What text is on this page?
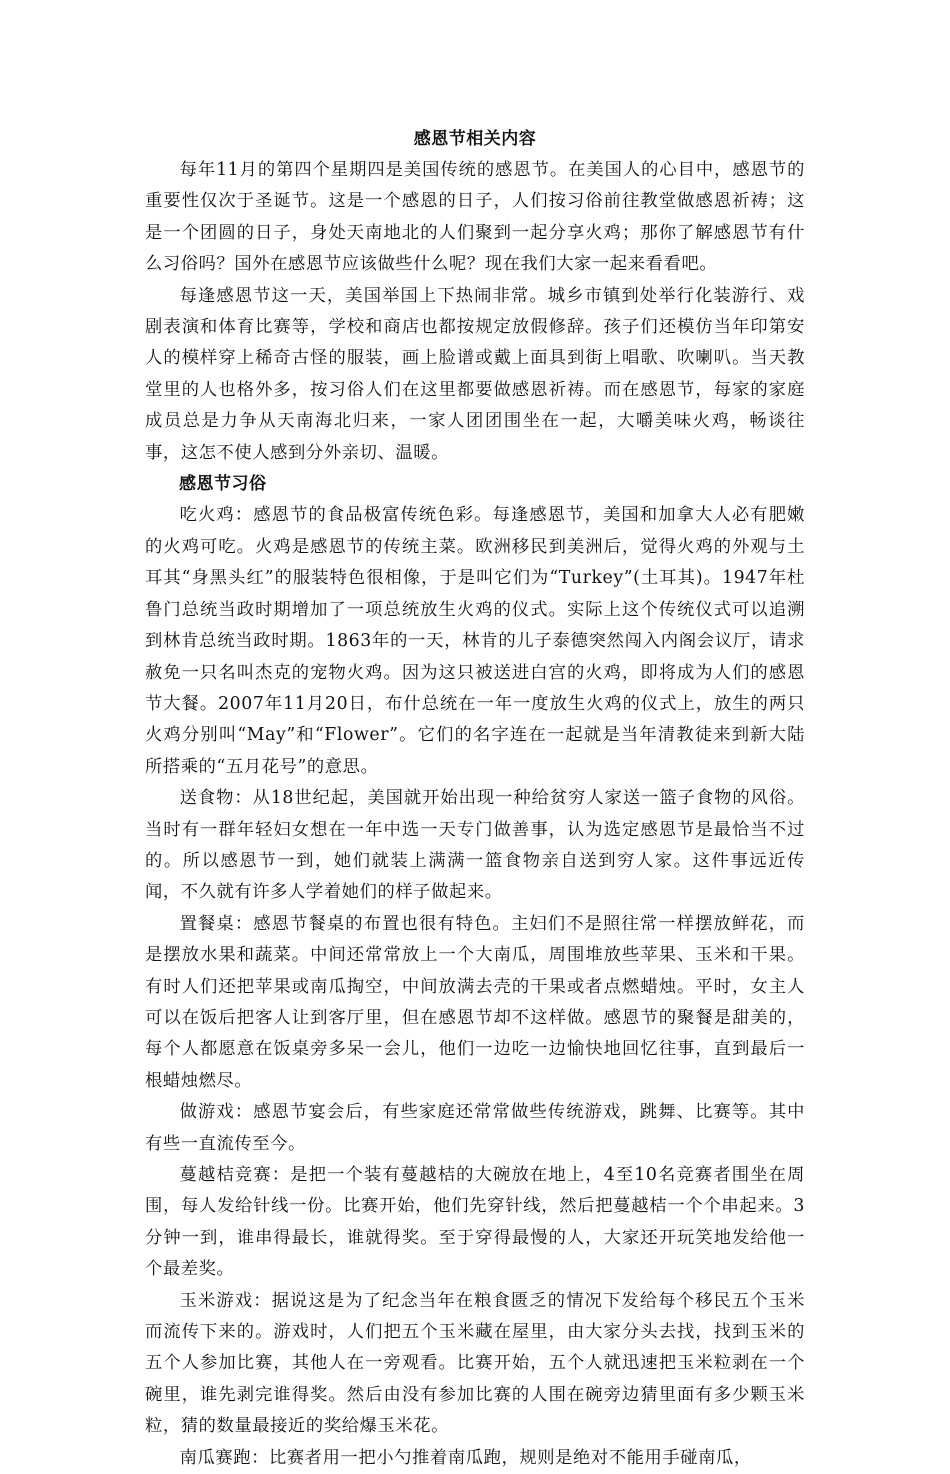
感恩节相关内容

每年11月的第四个星期四是美国传统的感恩节。在美国人的心目中，感恩节的重要性仅次于圣诞节。这是一个感恩的日子，人们按习俗前往教堂做感恩祈祷；这是一个团圆的日子，身处天南地北的人们聚到一起分享火鸡；那你了解感恩节有什么习俗吗？国外在感恩节应该做些什么呢？现在我们大家一起来看看吧。

每逢感恩节这一天，美国举国上下热闹非常。城乡市镇到处举行化装游行、戏剧表演和体育比赛等，学校和商店也都按规定放假修辞。孩子们还模仿当年印第安人的模样穿上稀奇古怪的服装，画上脸谱或戴上面具到街上唱歌、吹喇叭。当天教堂里的人也格外多，按习俗人们在这里都要做感恩祈祷。而在感恩节，每家的家庭成员总是力争从天南海北归来，一家人团团围坐在一起，大嚼美味火鸡，畅谈往事，这怎不使人感到分外亲切、温暖。

感恩节习俗

吃火鸡：感恩节的食品极富传统色彩。每逢感恩节，美国和加拿大人必有肥嫩的火鸡可吃。火鸡是感恩节的传统主菜。欧洲移民到美洲后，觉得火鸡的外观与土耳其“身黑头红”的服装特色很相像，于是叫它们为“Turkey”(土耳其)。1947年杜鲁门总统当政时期增加了一项总统放生火鸡的仪式。实际上这个传统仪式可以追溯到林肯总统当政时期。1863年的一天，林肯的儿子泰德突然闯入内阁会议厅，请求赦免一只名叫杰克的宠物火鸡。因为这只被送进白宫的火鸡，即将成为人们的感恩节大餐。2007年11月20日，布什总统在一年一度放生火鸡的仪式上，放生的两只火鸡分别叫“May”和“Flower”。它们的名字连在一起就是当年清教徒来到新大陆所搭乘的“五月花号”的意思。

送食物：从18世纪起，美国就开始出现一种给贫穷人家送一篮子食物的风俗。当时有一群年轻妇女想在一年中选一天专门做善事，认为选定感恩节是最恰当不过的。所以感恩节一到，她们就装上满满一篮食物亲自送到穷人家。这件事远近传闻，不久就有许多人学着她们的样子做起来。

置餐桌：感恩节餐桌的布置也很有特色。主妇们不是照往常一样摆放鲜花，而是摆放水果和蔬菜。中间还常常放上一个大南瓜，周围堆放些苹果、玉米和干果。有时人们还把苹果或南瓜掏空，中间放满去壳的干果或者点燃蜡烛。平时，女主人可以在饭后把客人让到客厅里，但在感恩节却不这样做。感恩节的聚餐是甜美的，每个人都愿意在饭桌旁多呆一会儿，他们一边吃一边愉快地回忆往事，直到最后一根蜡烛燃尽。

做游戏：感恩节宴会后，有些家庭还常常做些传统游戏，跳舞、比赛等。其中有些一直流传至今。

蔓越桔竞赛：是把一个装有蔓越桔的大碗放在地上，4至10名竞赛者围坐在周围，每人发给针线一份。比赛开始，他们先穿针线，然后把蔓越桔一个个串起来。3分钟一到，谁串得最长，谁就得奖。至于穿得最慢的人，大家还开玩笑地发给他一个最差奖。

玉米游戏：据说这是为了纪念当年在粮食匮乏的情况下发给每个移民五个玉米而流传下来的。游戏时，人们把五个玉米藏在屋里，由大家分头去找，找到玉米的五个人参加比赛，其他人在一旁观看。比赛开始，五个人就迅速把玉米粒剥在一个碗里，谁先剥完谁得奖。然后由没有参加比赛的人围在碗旁边猜里面有多少颗玉米粒，猜的数量最接近的奖给爆玉米花。

南瓜赛跑：比赛者用一把小勺推着南瓜跑，规则是绝对不能用手碰南瓜，
